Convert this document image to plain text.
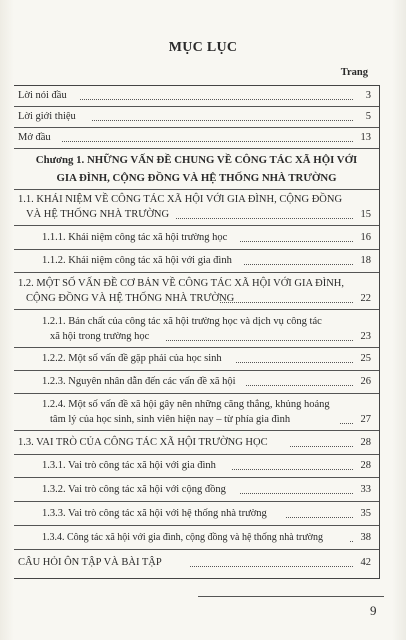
MỤC LỤC
Trang
Lời nói đầu	3
Lời giới thiệu	5
Mở đầu	13
Chương 1. NHỮNG VẤN ĐỀ CHUNG VỀ CÔNG TÁC XÃ HỘI VỚI
GIA ĐÌNH, CỘNG ĐỒNG VÀ HỆ THỐNG NHÀ TRƯỜNG
1.1. KHÁI NIỆM VỀ CÔNG TÁC XÃ HỘI VỚI GIA ĐÌNH, CỘNG ĐỒNG
VÀ HỆ THỐNG NHÀ TRƯỜNG	15
1.1.1. Khái niệm công tác xã hội trường học	16
1.1.2. Khái niệm công tác xã hội với gia đình	18
1.2. MỘT SỐ VẤN ĐỀ CƠ BẢN VỀ CÔNG TÁC XÃ HỘI VỚI GIA ĐÌNH,
CỘNG ĐỒNG VÀ HỆ THỐNG NHÀ TRƯỜNG	22
1.2.1. Bản chất của công tác xã hội trường học và dịch vụ công tác
xã hội trong trường học	23
1.2.2. Một số vấn đề gặp phải của học sinh	25
1.2.3. Nguyên nhân dẫn đến các vấn đề xã hội	26
1.2.4. Một số vấn đề xã hội gây nên những căng thẳng, khủng hoảng
tâm lý của học sinh, sinh viên hiện nay – từ phía gia đình	27
1.3. VAI TRÒ CỦA CÔNG TÁC XÃ HỘI TRƯỜNG HỌC	28
1.3.1. Vai trò công tác xã hội với gia đình	28
1.3.2. Vai trò công tác xã hội với cộng đồng	33
1.3.3. Vai trò công tác xã hội với hệ thống nhà trường	35
1.3.4. Công tác xã hội với gia đình, cộng đồng và hệ thống nhà trường	38
CÂU HỎI ÔN TẬP VÀ BÀI TẬP	42
9
